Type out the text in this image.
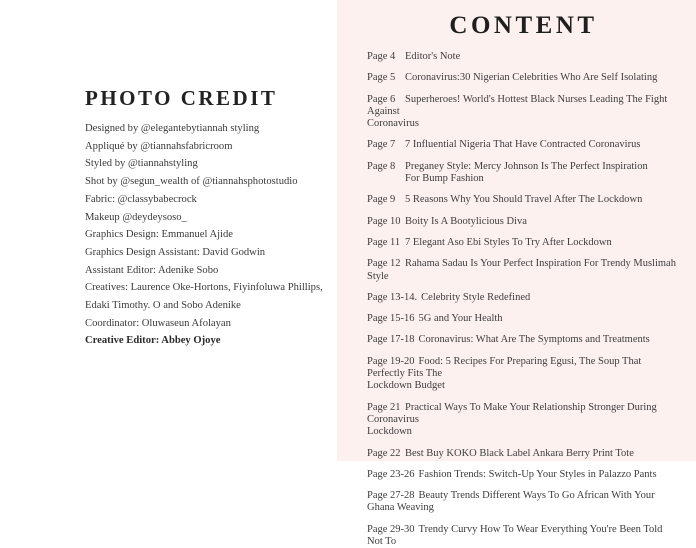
PHOTO CREDIT
Designed by @elegantebytiannah styling
Appliqué by @tiannahsfabricroom
Styled by @tiannahstyling
Shot by @segun_wealth of @tiannahsphotostudio
Fabric: @classybabecrock
Makeup @deydeysoso_
Graphics Design: Emmanuel Ajide
Graphics Design Assistant: David Godwin
Assistant Editor: Adenike Sobo
Creatives: Laurence Oke-Hortons, Fiyinfoluwa Phillips,
Edaki Timothy. O and Sobo Adenike
Coordinator: Oluwaseun Afolayan
Creative Editor: Abbey Ojoye
CONTENT
Page 4 Editor's Note
Page 5 Coronavirus:30 Nigerian Celebrities Who Are Self Isolating
Page 6 Superheroes! World's Hottest Black Nurses Leading The Fight Against
Coronavirus
Page 7 7 Influential Nigeria That Have Contracted Coronavirus
Page 8 Preganey Style: Mercy Johnson Is The Perfect Inspiration
For Bump Fashion
Page 9 5 Reasons Why You Should Travel After The Lockdown
Page 10 Boity Is A Bootylicious Diva
Page 11 7 Elegant Aso Ebi Styles To Try After Lockdown
Page 12 Rahama Sadau Is Your Perfect Inspiration For Trendy Muslimah Style
Page 13-14. Celebrity Style Redefined
Page 15-16 5G and Your Health
Page 17-18 Coronavirus: What Are The Symptoms and Treatments
Page 19-20 Food: 5 Recipes For Preparing Egusi, The Soup That Perfectly Fits The
Lockdown Budget
Page 21 Practical Ways To Make Your Relationship Stronger During Coronavirus
Lockdown
Page 22 Best Buy KOKO Black Label Ankara Berry Print Tote
Page 23-26 Fashion Trends: Switch-Up Your Styles in Palazzo Pants
Page 27-28 Beauty Trends Different Ways To Go African With Your Ghana Weaving
Page 29-30 Trendy Curvy How To Wear Everything You're Been Told Not To
